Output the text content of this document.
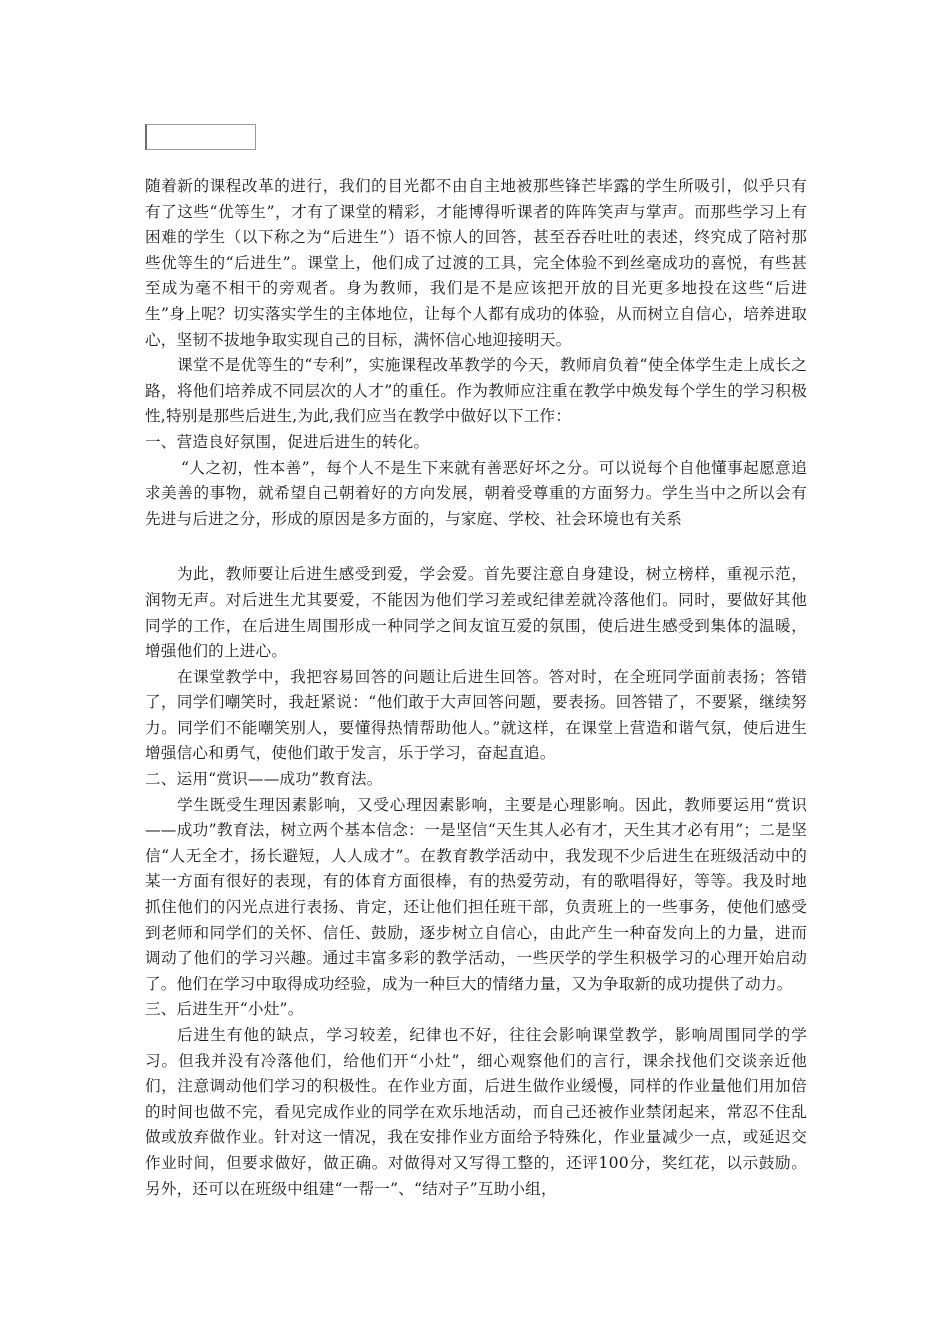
随着新的课程改革的进行，我们的目光都不由自主地被那些锋芒毕露的学生所吸引，似乎只有有了这些“优等生”，才有了课堂的精彩，才能博得听课者的阵阵笑声与掌声。而那些学习上有困难的学生（以下称之为“后进生”）语不惊人的回答，甚至吞吞吐吐的表述，终究成了陪衬那些优等生的“后进生”。课堂上，他们成了过渡的工具，完全体验不到丝毫成功的喜悦，有些甚至成为毫不相干的旁观者。身为教师，我们是不是应该把开放的目光更多地投在这些“后进生”身上呢？切实落实学生的主体地位，让每个人都有成功的体验，从而树立自信心，培养进取心，坚韧不拔地争取实现自己的目标，满怀信心地迎接明天。

课堂不是优等生的“专利”，实施课程改革教学的今天，教师肩负着“使全体学生走上成长之路，将他们培养成不同层次的人才”的重任。作为教师应注重在教学中焕发每个学生的学习积极性,特别是那些后进生,为此,我们应当在教学中做好以下工作：

一、营造良好氛围，促进后进生的转化。

“人之初，性本善”，每个人不是生下来就有善恶好坏之分。可以说每个自他懂事起愿意追求美善的事物，就希望自己朝着好的方向发展，朝着受尊重的方面努力。学生当中之所以会有先进与后进之分，形成的原因是多方面的，与家庭、学校、社会环境也有关系

为此，教师要让后进生感受到爱，学会爱。首先要注意自身建设，树立榜样，重视示范，润物无声。对后进生尤其要爱，不能因为他们学习差或纪律差就冷落他们。同时，要做好其他同学的工作，在后进生周围形成一种同学之间友谊互爱的氛围，使后进生感受到集体的温暖，增强他们的上进心。

在课堂教学中，我把容易回答的问题让后进生回答。答对时，在全班同学面前表扬；答错了，同学们嘲笑时，我赶紧说：“他们敢于大声回答问题，要表扬。回答错了，不要紧，继续努力。同学们不能嘲笑别人，要懂得热情帮助他人。”就这样，在课堂上营造和谐气氛，使后进生增强信心和勇气，使他们敢于发言，乐于学习，奋起直追。

二、运用“赏识——成功”教育法。

学生既受生理因素影响，又受心理因素影响，主要是心理影响。因此，教师要运用“赏识——成功”教育法，树立两个基本信念：一是坚信“天生其人必有才，天生其才必有用”；二是坚信“人无全才，扬长避短，人人成才”。在教育教学活动中，我发现不少后进生在班级活动中的某一方面有很好的表现，有的体育方面很棒，有的热爱劳动，有的歌唱得好，等等。我及时地抓住他们的闪光点进行表扬、肯定，还让他们担任班干部，负责班上的一些事务，使他们感受到老师和同学们的关怀、信任、鼓励，逐步树立自信心，由此产生一种奋发向上的力量，进而调动了他们的学习兴趣。通过丰富多彩的教学活动，一些厌学的学生积极学习的心理开始启动了。他们在学习中取得成功经验，成为一种巨大的情绪力量，又为争取新的成功提供了动力。

三、后进生开“小灶”。

后进生有他的缺点，学习较差，纪律也不好，往往会影响课堂教学，影响周围同学的学习。但我并没有冷落他们，给他们开“小灶”，细心观察他们的言行，课余找他们交谈亲近他们，注意调动他们学习的积极性。在作业方面，后进生做作业缓慢，同样的作业量他们用加倍的时间也做不完，看见完成作业的同学在欢乐地活动，而自己还被作业禁闭起来，常忍不住乱做或放弃做作业。针对这一情况，我在安排作业方面给予特殊化，作业量减少一点，或延迟交作业时间，但要求做好，做正确。对做得对又写得工整的，还评100分，奖红花，以示鼓励。另外，还可以在班级中组建“一帮一”、“结对子”互助小组，
